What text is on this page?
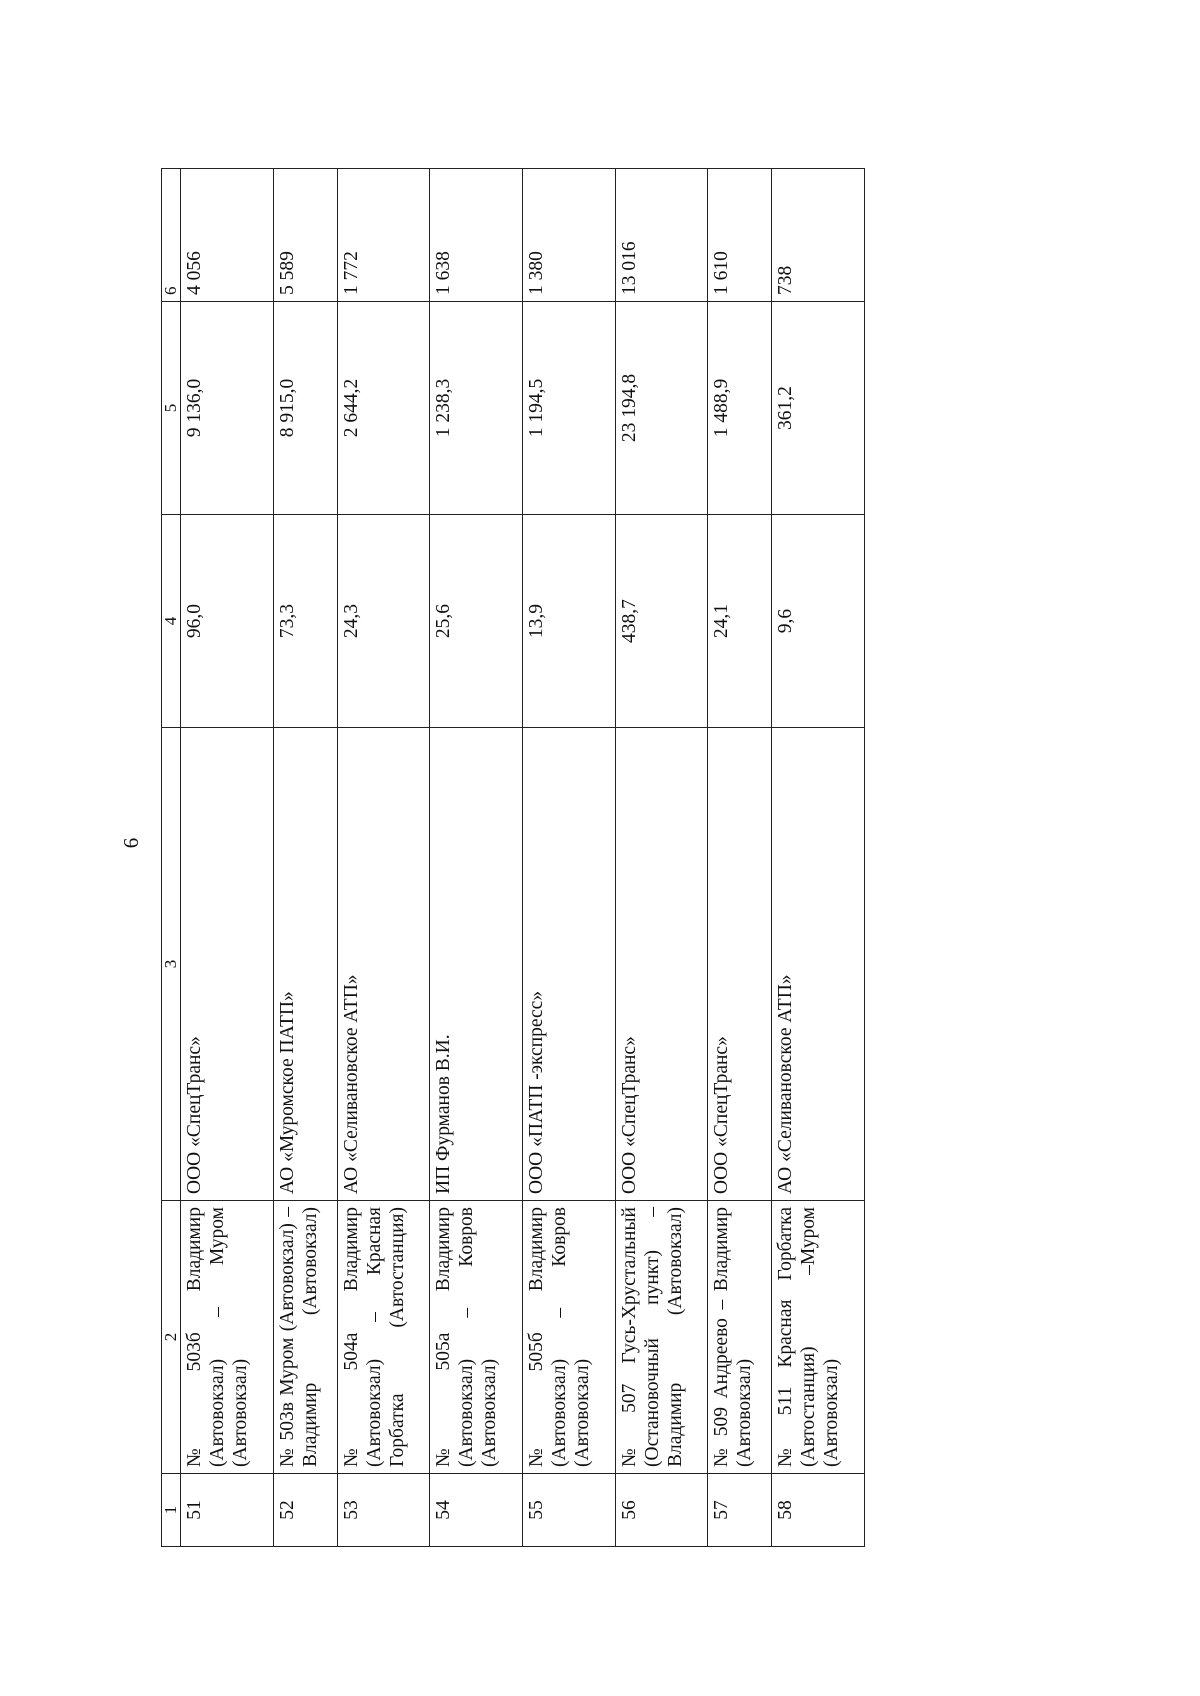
6
1	2	3	4	5	6
51	№ 503б Владимир (Автовокзал) – Муром (Автовокзал)	ООО «СпецТранс»	96,0	9 136,0	4 056
52	№ 503в Муром (Автовокзал) – Владимир (Автовокзал)	АО «Муромское ПАТП»	73,3	8 915,0	5 589
53	№ 504а Владимир (Автовокзал) – Красная Горбатка (Автостанция)	АО «Селивановское АТП»	24,3	2 644,2	1 772
54	№ 505а Владимир (Автовокзал) – Ковров (Автовокзал)	ИП Фурманов В.И.	25,6	1 238,3	1 638
55	№ 505б Владимир (Автовокзал) – Ковров (Автовокзал)	ООО «ПАТП -экспресс»	13,9	1 194,5	1 380
56	№ 507 Гусь-Хрустальный (Остановочный пункт) – Владимир (Автовокзал)	ООО «СпецТранс»	438,7	23 194,8	13 016
57	№ 509 Андреево – Владимир (Автовокзал)	ООО «СпецТранс»	24,1	1 488,9	1 610
58	№ 511 Красная Горбатка (Автостанция) –Муром (Автовокзал)	АО «Селивановское АТП»	9,6	361,2	738
